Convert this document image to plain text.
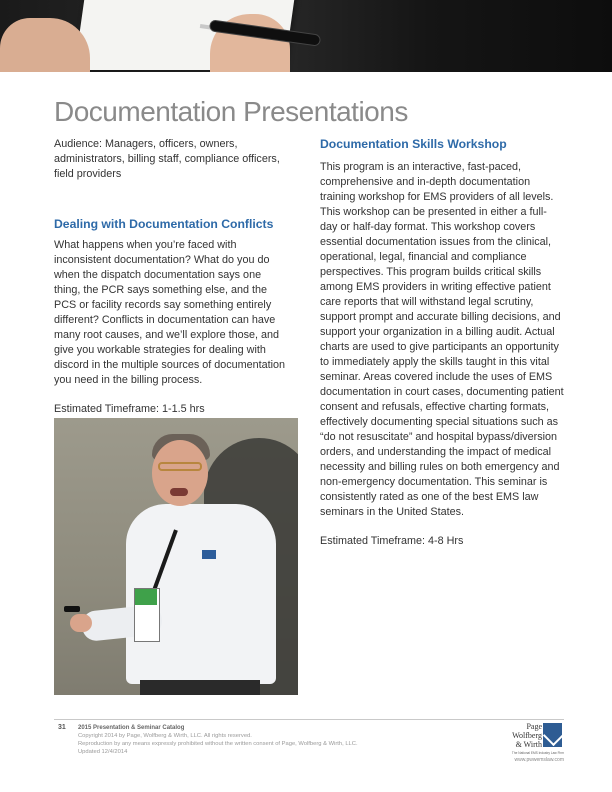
Documentation Presentations

Audience: Managers, officers, owners,
administrators, billing staff, compliance officers,
field providers

Dealing with Documentation Conflicts

What happens when you’re faced with inconsistent documentation? What do you do when the dispatch documentation says one thing, the PCR says something else, and the PCS or facility records say something entirely different? Conflicts in documentation can have many root causes, and we’ll explore those, and give you workable strategies for dealing with discord in the multiple sources of documentation you need in the billing process.

Estimated Timeframe: 1-1.5 hrs

Documentation Skills Workshop

This program is an interactive, fast-paced, comprehensive and in-depth documentation training workshop for EMS providers of all levels. This workshop can be presented in either a full-day or half-day format. This workshop covers essential documentation issues from the clinical, operational, legal, financial and compliance perspectives. This program builds critical skills among EMS providers in writing effective patient care reports that will withstand legal scrutiny, support prompt and accurate billing decisions, and support your organization in a billing audit. Actual charts are used to give participants an opportunity to immediately apply the skills taught in this vital seminar. Areas covered include the uses of EMS documentation in court cases, documenting patient consent and refusals, effective charting formats, effectively documenting special situations such as “do not resuscitate” and hospital bypass/diversion orders, and understanding the impact of medical necessity and billing rules on both emergency and non-emergency documentation. This seminar is consistently rated as one of the best EMS law seminars in the United States.

Estimated Timeframe: 4-8 Hrs

31 2015 Presentation & Seminar Catalog

Copyright 2014 by Page, Wolfberg & Wirth, LLC. All rights reserved.

Reproduction by any means expressly prohibited without the written consent of Page, Wolfberg & Wirth, LLC.

Updated 12/4/2014

Page
Wolfberg
& Wirth
The National EMS Industry Law Firm
www.pwwemslaw.com
